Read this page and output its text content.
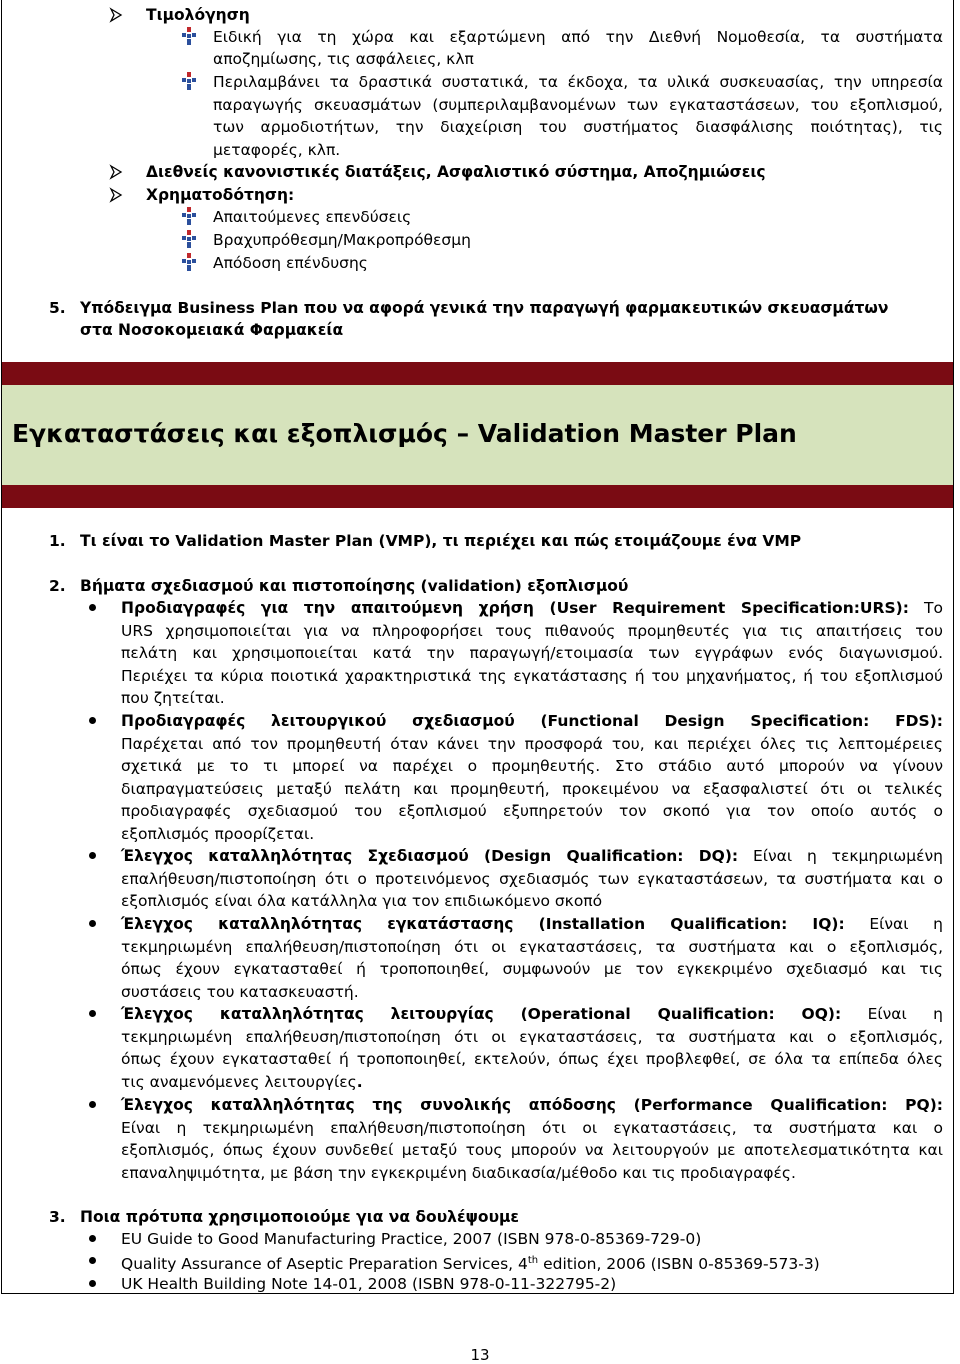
Τιμολόγηση
Ειδική για τη χώρα και εξαρτώμενη από την Διεθνή Νομοθεσία, τα συστήματα
αποζημίωσης, τις ασφάλειες, κλπ
Περιλαμβάνει τα δραστικά συστατικά, τα έκδοχα, τα υλικά συσκευασίας, την υπηρεσία
παραγωγής σκευασμάτων (συμπεριλαμβανομένων των εγκαταστάσεων, του εξοπλισμού,
των αρμοδιοτήτων, την διαχείριση του συστήματος διασφάλισης ποιότητας), τις
μεταφορές, κλπ.
Διεθνείς κανονιστικές διατάξεις, Ασφαλιστικό σύστημα, Αποζημιώσεις
Χρηματοδότηση:
Απαιτούμενες επενδύσεις
Βραχυπρόθεσμη/Μακροπρόθεσμη
Απόδοση επένδυσης
5. Υπόδειγμα Business Plan που να αφορά γενικά την παραγωγή φαρμακευτικών σκευασμάτων
στα Νοσοκομειακά Φαρμακεία
Εγκαταστάσεις και εξοπλισμός – Validation Master Plan
1. Τι είναι το Validation Master Plan (VMP), τι περιέχει και πώς ετοιμάζουμε ένα VMP
2. Βήματα σχεδιασμού και πιστοποίησης (validation) εξοπλισμού
Προδιαγραφές για την απαιτούμενη χρήση (User Requirement Specification:URS): Το
URS χρησιμοποιείται για να πληροφορήσει τους πιθανούς προμηθευτές για τις απαιτήσεις του
πελάτη και χρησιμοποιείται κατά την παραγωγή/ετοιμασία των εγγράφων ενός διαγωνισμού.
Περιέχει τα κύρια ποιοτικά χαρακτηριστικά της εγκατάστασης ή του μηχανήματος, ή του εξοπλισμού
που ζητείται.
Προδιαγραφές λειτουργικού σχεδιασμού (Functional Design Specification: FDS):
Παρέχεται από τον προμηθευτή όταν κάνει την προσφορά του, και περιέχει όλες τις λεπτομέρειες
σχετικά με το τι μπορεί να παρέχει ο προμηθευτής. Στο στάδιο αυτό μπορούν να γίνουν
διαπραγματεύσεις μεταξύ πελάτη και προμηθευτή, προκειμένου να εξασφαλιστεί ότι οι τελικές
προδιαγραφές σχεδιασμού του εξοπλισμού εξυπηρετούν τον σκοπό για τον οποίο αυτός ο
εξοπλισμός προορίζεται.
Έλεγχος καταλληλότητας Σχεδιασμού (Design Qualification: DQ): Είναι η τεκμηριωμένη
επαλήθευση/πιστοποίηση ότι ο προτεινόμενος σχεδιασμός των εγκαταστάσεων, τα συστήματα και ο
εξοπλισμός είναι όλα κατάλληλα για τον επιδιωκόμενο σκοπό
Έλεγχος καταλληλότητας εγκατάστασης (Installation Qualification: IQ): Είναι η
τεκμηριωμένη επαλήθευση/πιστοποίηση ότι οι εγκαταστάσεις, τα συστήματα και ο εξοπλισμός,
όπως έχουν εγκατασταθεί ή τροποποιηθεί, συμφωνούν με τον εγκεκριμένο σχεδιασμό και τις
συστάσεις του κατασκευαστή.
Έλεγχος καταλληλότητας λειτουργίας (Operational Qualification: OQ): Είναι η
τεκμηριωμένη επαλήθευση/πιστοποίηση ότι οι εγκαταστάσεις, τα συστήματα και ο εξοπλισμός,
όπως έχουν εγκατασταθεί ή τροποποιηθεί, εκτελούν, όπως έχει προβλεφθεί, σε όλα τα επίπεδα όλες
τις αναμενόμενες λειτουργίες.
Έλεγχος καταλληλότητας της συνολικής απόδοσης (Performance Qualification: PQ):
Είναι η τεκμηριωμένη επαλήθευση/πιστοποίηση ότι οι εγκαταστάσεις, τα συστήματα και ο
εξοπλισμός, όπως έχουν συνδεθεί μεταξύ τους μπορούν να λειτουργούν με αποτελεσματικότητα και
επαναληψιμότητα, με βάση την εγκεκριμένη διαδικασία/μέθοδο και τις προδιαγραφές.
3. Ποια πρότυπα χρησιμοποιούμε για να δουλέψουμε
EU Guide to Good Manufacturing Practice, 2007 (ISBN 978-0-85369-729-0)
Quality Assurance of Aseptic Preparation Services, 4th edition, 2006 (ISBN 0-85369-573-3)
UK Health Building Note 14-01, 2008 (ISBN 978-0-11-322795-2)
13
